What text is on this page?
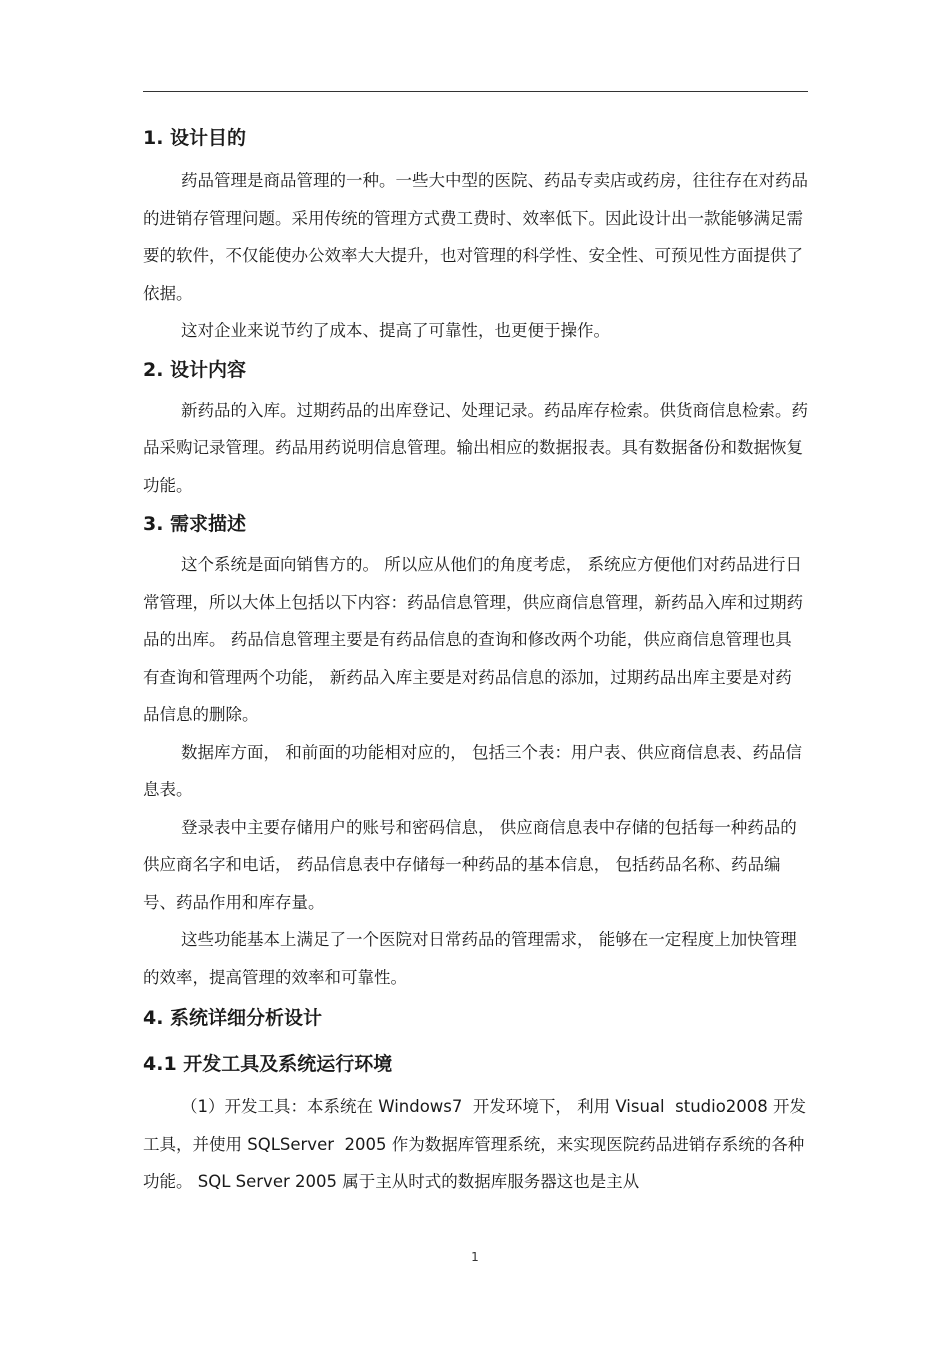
1. 设计目的

药品管理是商品管理的一种。一些大中型的医院、药品专卖店或药房，往往存在对药品的进销存管理问题。采用传统的管理方式费工费时、效率低下。因此设计出一款能够满足需要的软件，不仅能使办公效率大大提升，也对管理的科学性、安全性、可预见性方面提供了依据。

这对企业来说节约了成本、提高了可靠性，也更便于操作。

2. 设计内容

新药品的入库。过期药品的出库登记、处理记录。药品库存检索。供货商信息检索。药品采购记录管理。药品用药说明信息管理。输出相应的数据报表。具有数据备份和数据恢复功能。

3. 需求描述

这个系统是面向销售方的。 所以应从他们的角度考虑， 系统应方便他们对药品进行日常管理，所以大体上包括以下内容：药品信息管理，供应商信息管理，新药品入库和过期药品的出库。 药品信息管理主要是有药品信息的查询和修改两个功能，供应商信息管理也具有查询和管理两个功能， 新药品入库主要是对药品信息的添加，过期药品出库主要是对药品信息的删除。

数据库方面， 和前面的功能相对应的， 包括三个表：用户表、供应商信息表、药品信息表。

登录表中主要存储用户的账号和密码信息， 供应商信息表中存储的包括每一种药品的供应商名字和电话， 药品信息表中存储每一种药品的基本信息， 包括药品名称、药品编号、药品作用和库存量。

这些功能基本上满足了一个医院对日常药品的管理需求， 能够在一定程度上加快管理的效率，提高管理的效率和可靠性。

4. 系统详细分析设计
4.1 开发工具及系统运行环境

（1）开发工具：本系统在 Windows7  开发环境下， 利用 Visual  studio2008 开发工具，并使用 SQLServer  2005 作为数据库管理系统，来实现医院药品进销存系统的各种功能。 SQL Server 2005 属于主从时式的数据库服务器这也是主从

1
